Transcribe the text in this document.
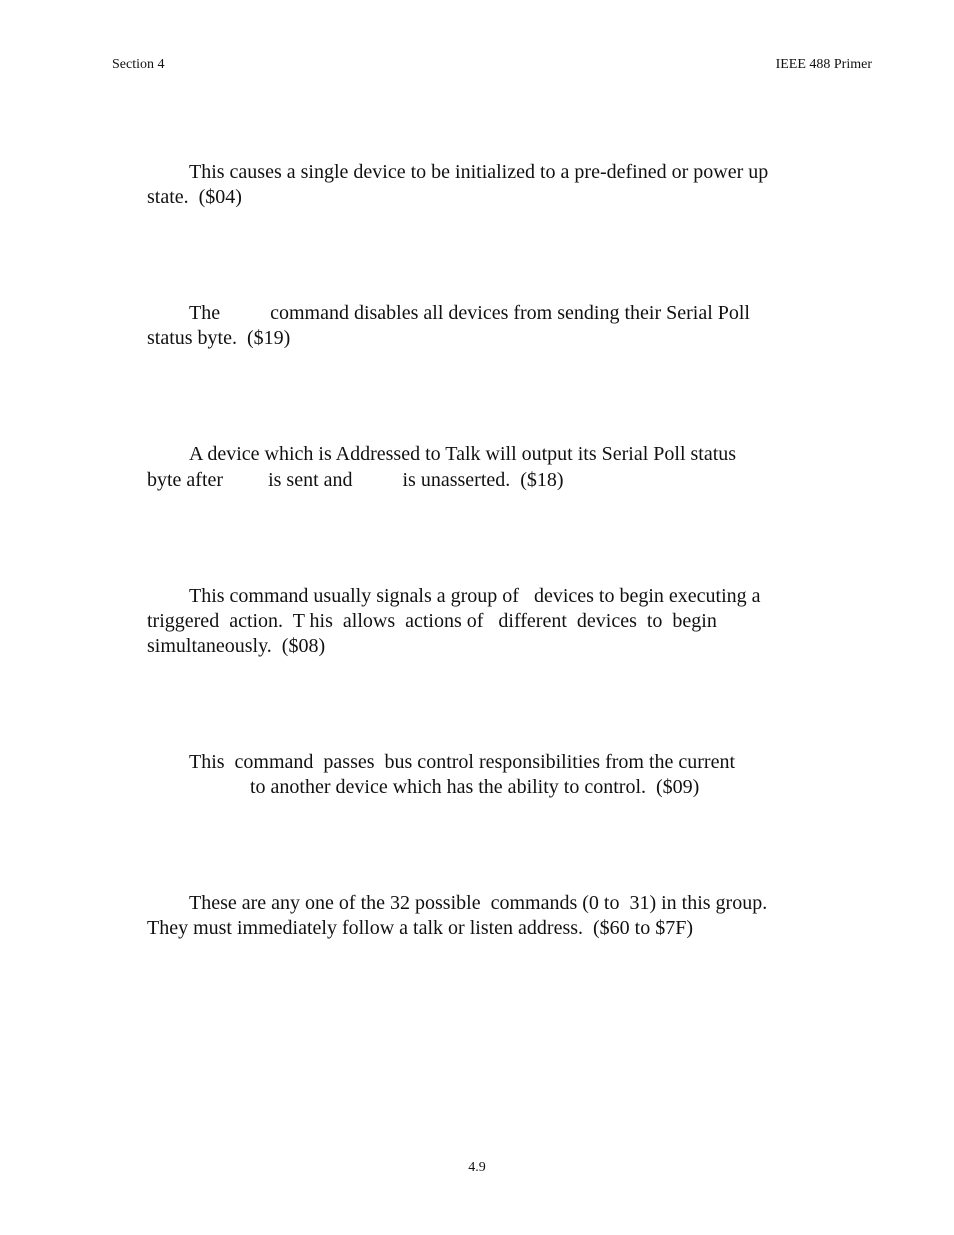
Section 4	IEEE 488 Primer
This causes a single device to be initialized to a pre-defined or power up
state.  ($04)
The          command disables all devices from sending their Serial Poll
status byte.  ($19)
A device which is Addressed to Talk will output its Serial Poll status
byte after         is sent and          is unasserted.  ($18)
This command usually signals a group of   devices to begin executing a
triggered  action.  T his  allows  actions of   different  devices  to  begin
simultaneously.  ($08)
This  command  passes  bus control responsibilities from the current
to another device which has the ability to control.  ($09)
These are any one of the 32 possible  commands (0 to  31) in this group.
They must immediately follow a talk or listen address.  ($60 to $7F)
4.9
